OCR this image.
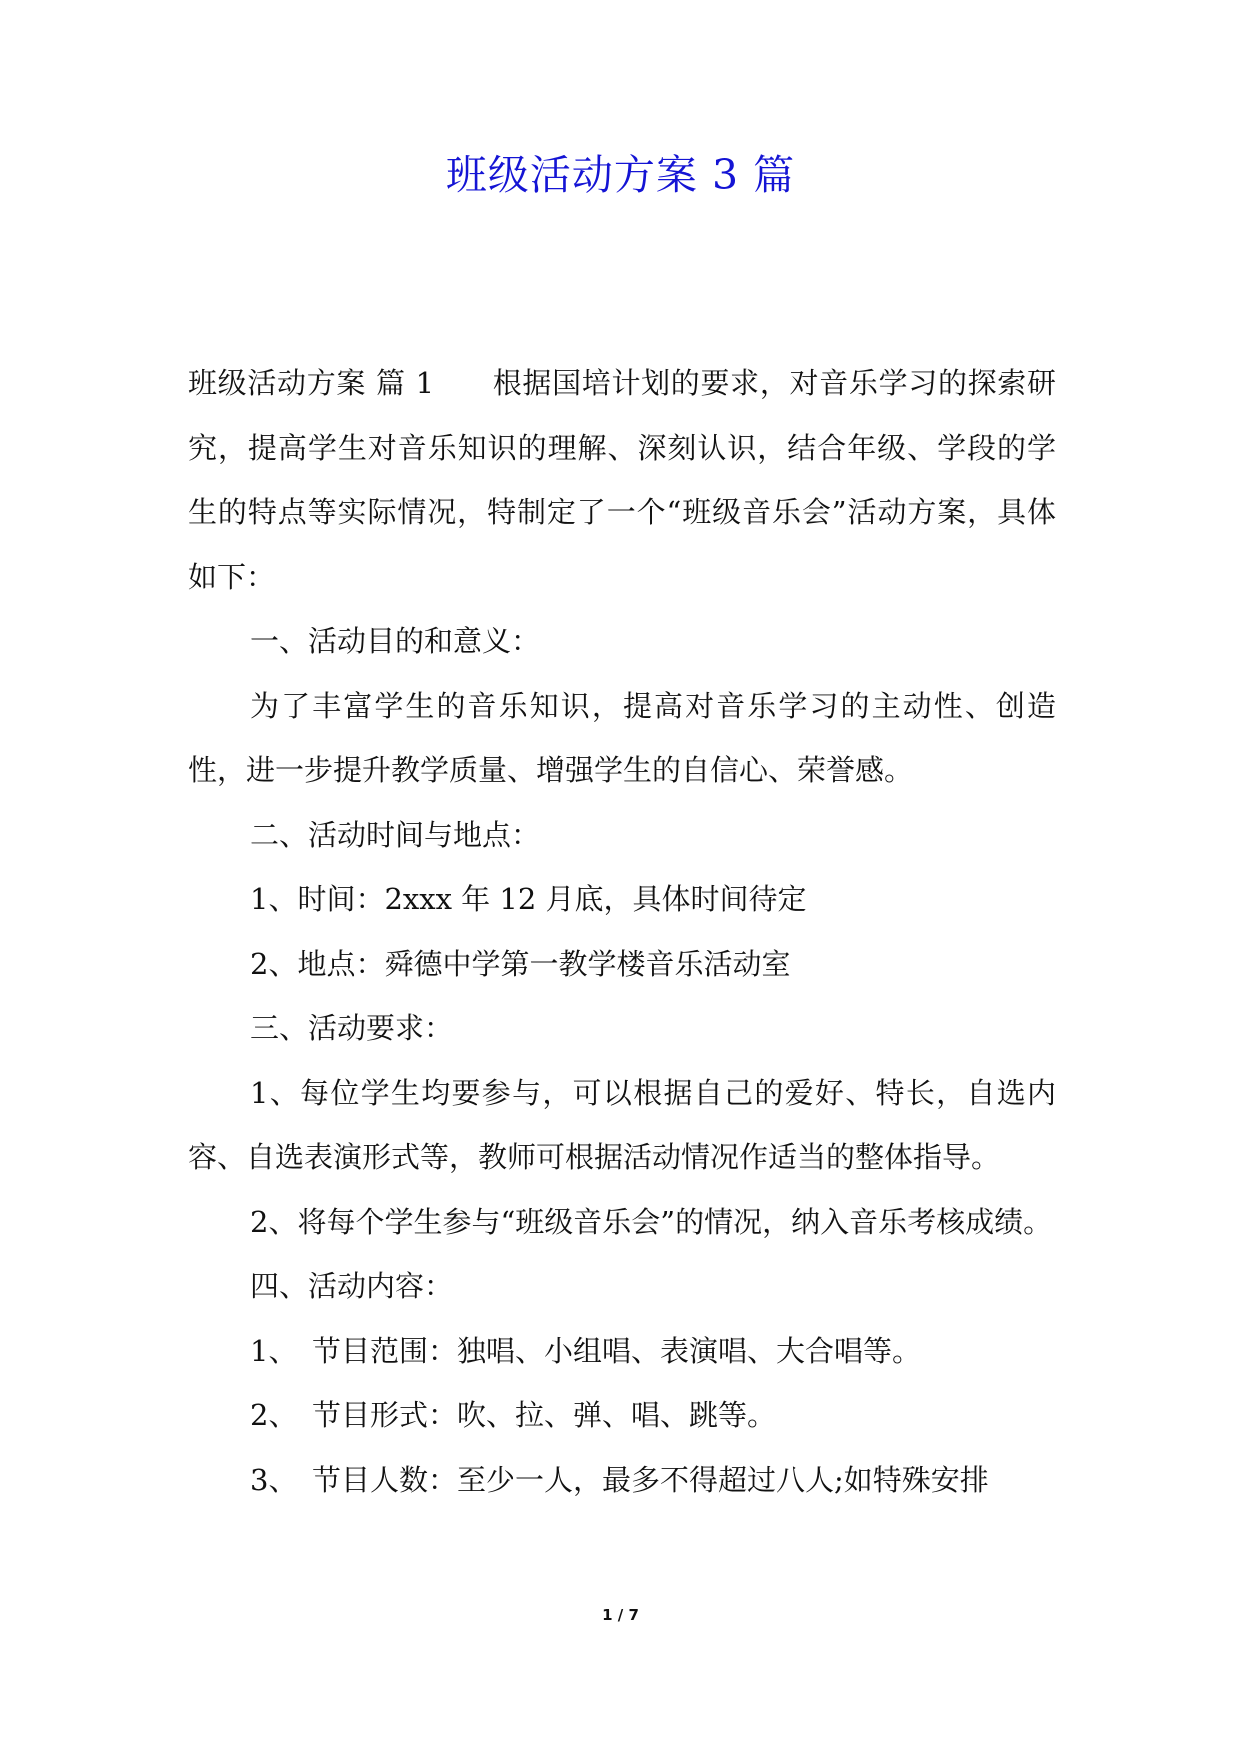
班级活动方案 3 篇

班级活动方案 篇 1 根据国培计划的要求，对音乐学习的探索研究，提高学生对音乐知识的理解、深刻认识，结合年级、学段的学生的特点等实际情况，特制定了一个“班级音乐会”活动方案，具体如下：

一、活动目的和意义：

为了丰富学生的音乐知识，提高对音乐学习的主动性、创造性，进一步提升教学质量、增强学生的自信心、荣誉感。

二、活动时间与地点：

1、时间：2xxx 年 12 月底，具体时间待定

2、地点：舜德中学第一教学楼音乐活动室

三、活动要求：

1、每位学生均要参与，可以根据自己的爱好、特长，自选内容、自选表演形式等，教师可根据活动情况作适当的整体指导。

2、将每个学生参与“班级音乐会”的情况，纳入音乐考核成绩。

四、活动内容：

1、　节目范围：独唱、小组唱、表演唱、大合唱等。

2、　节目形式：吹、拉、弹、唱、跳等。

3、　节目人数：至少一人，最多不得超过八人;如特殊安排

1 / 7
